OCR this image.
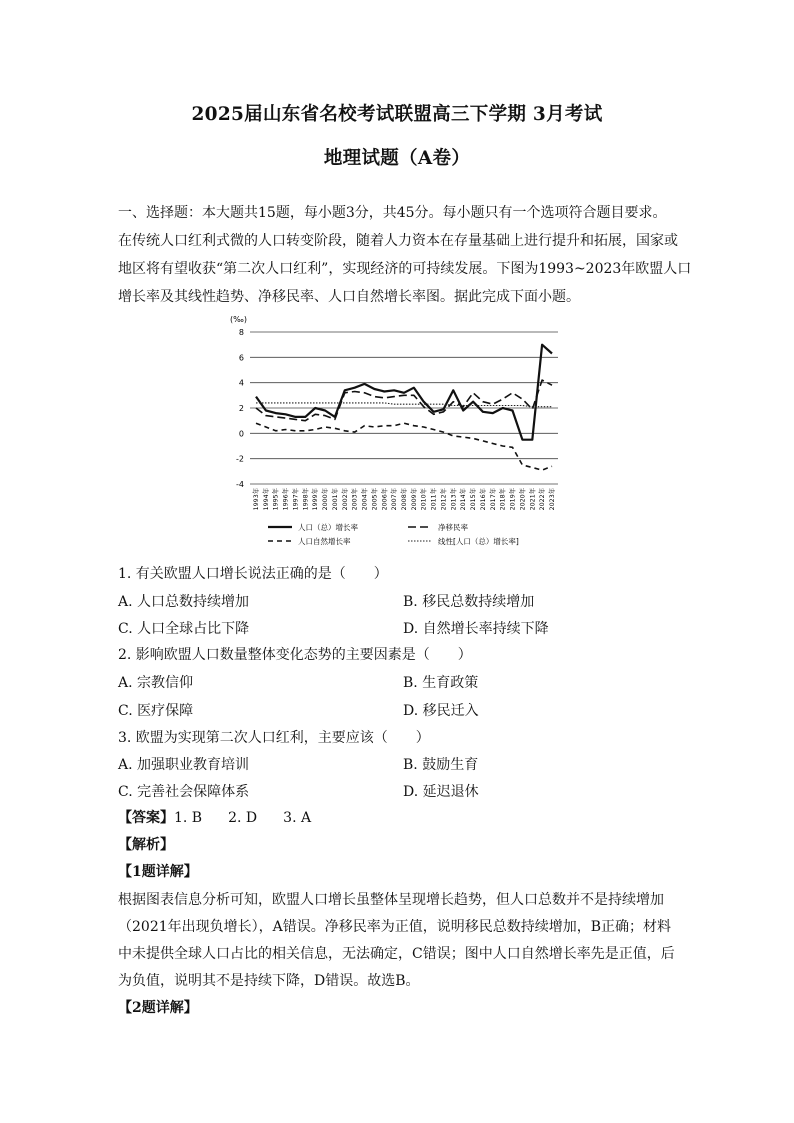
2025届山东省名校考试联盟高三下学期 3月考试
地理试题（A卷）
一、选择题：本大题共15题，每小题3分，共45分。每小题只有一个选项符合题目要求。
在传统人口红利式微的人口转变阶段，随着人力资本在存量基础上进行提升和拓展，国家或
地区将有望收获“第二次人口红利”，实现经济的可持续发展。下图为1993~2023年欧盟人口
增长率及其线性趋势、净移民率、人口自然增长率图。据此完成下面小题。
8
6
4
2
0
-2
-4
1993年 1994年 1995年 1996年 1997年 1998年 1999年 2000年 2001年 2002年 2003年 2004年 2005年 2006年 2007年 2008年 2009年 2010年 2011年 2012年 2013年 2014年 2015年 2016年 2017年 2018年 2019年 2020年 2021年 2022年 2023年
(‰)
人口（总）增长率	净移民率
人口自然增长率	线性[人口（总）增长率]
1. 有关欧盟人口增长说法正确的是（　　）
A. 人口总数持续增加	B. 移民总数持续增加
C. 人口全球占比下降	D. 自然增长率持续下降
2. 影响欧盟人口数量整体变化态势的主要因素是（　　）
A. 宗教信仰	B. 生育政策
C. 医疗保障	D. 移民迁入
3. 欧盟为实现第二次人口红利，主要应该（　　）
A. 加强职业教育培训	B. 鼓励生育
C. 完善社会保障体系	D. 延迟退休
【答案】1. B 2. D 3. A
【解析】
【1题详解】
根据图表信息分析可知，欧盟人口增长虽整体呈现增长趋势，但人口总数并不是持续增加
（2021年出现负增长），A错误。净移民率为正值，说明移民总数持续增加，B正确；材料
中未提供全球人口占比的相关信息，无法确定，C错误；图中人口自然增长率先是正值，后
为负值，说明其不是持续下降，D错误。故选B。
【2题详解】
